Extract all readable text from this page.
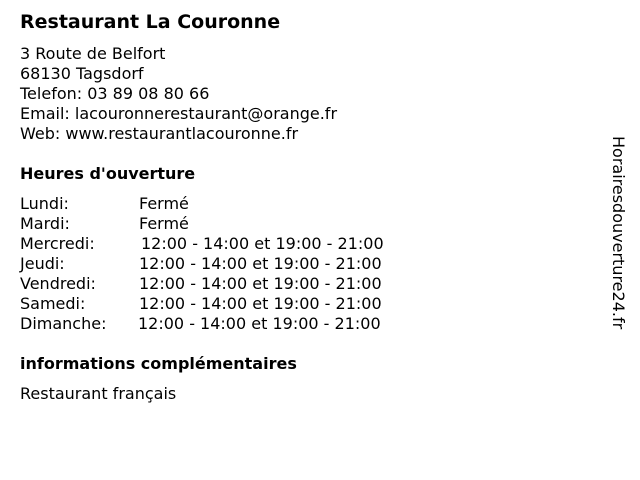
Restaurant La Couronne
3 Route de Belfort
68130 Tagsdorf
Telefon: 03 89 08 80 66
Email: lacouronnerestaurant@orange.fr
Web: www.restaurantlacouronne.fr
Heures d'ouverture
Lundi:	Fermé
Mardi:	Fermé
Mercredi:	12:00 - 14:00 et 19:00 - 21:00
Jeudi:	12:00 - 14:00 et 19:00 - 21:00
Vendredi:	12:00 - 14:00 et 19:00 - 21:00
Samedi:	12:00 - 14:00 et 19:00 - 21:00
Dimanche: 12:00 - 14:00 et 19:00 - 21:00
informations complémentaires
Restaurant français
Horairesdouverture24.fr
